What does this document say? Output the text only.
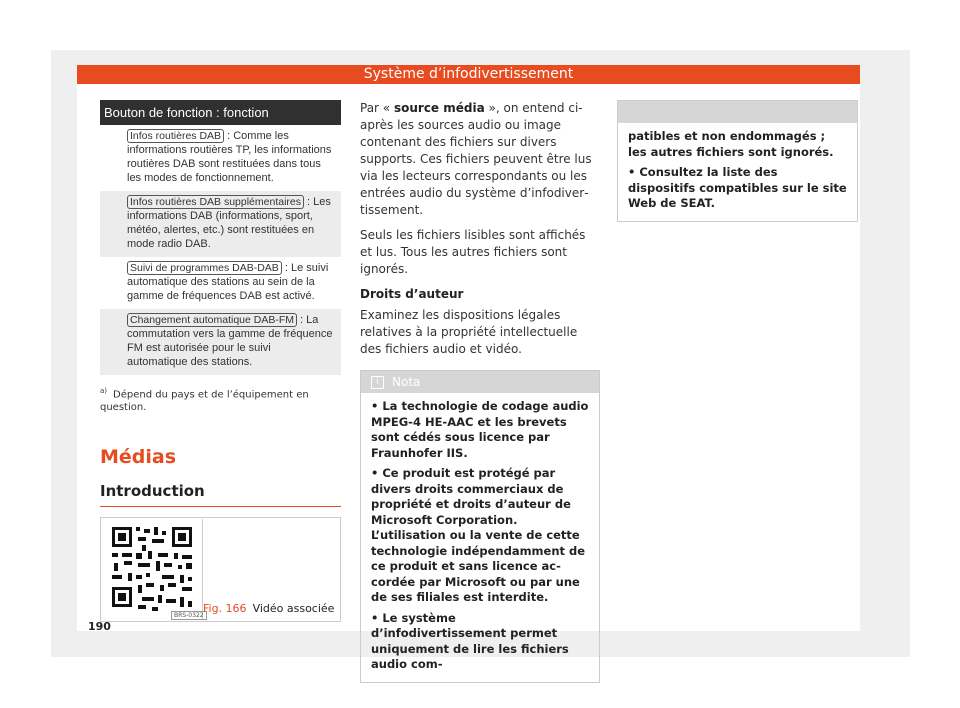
Système d’infodivertissement
Bouton de fonction : fonction
Infos routières DAB : Comme les informations routières TP, les informations routières DAB sont restituées dans tous les modes de fonctionnement.
Infos routières DAB supplémentaires : Les informations DAB (informations, sport, météo, alertes, etc.) sont restituées en mode radio DAB.
Suivi de programmes DAB-DAB : Le suivi automatique des stations au sein de la gamme de fréquences DAB est activé.
Changement automatique DAB-FM : La commutation vers la gamme de fréquence FM est autorisée pour le suivi automatique des stations.
$^{a)}$ Dépend du pays et de l’équipement en question.
Médias
Introduction
BRS-0322
Fig. 166 Vidéo associée

Par « source média », on entend ci-après les sources audio ou image contenant des fichiers sur divers supports. Ces fichiers peuvent être lus via les lecteurs correspondants ou les entrées audio du système d’infodivertissement.

Seuls les fichiers lisibles sont affichés et lus. Tous les autres fichiers sont ignorés.

Droits d’auteur

Examinez les dispositions légales relatives à la propriété intellectuelle des fichiers audio et vidéo.

i Nota

• La technologie de codage audio MPEG-4 HE-AAC et les brevets sont cédés sous licence par Fraunhofer IIS.

• Ce produit est protégé par divers droits commerciaux de propriété et droits d’auteur de Microsoft Corporation. L’utilisation ou la vente de cette technologie indépendamment de ce produit et sans licence accordée par Microsoft ou par une de ses filiales est interdite.

• Le système d’infodivertissement permet uniquement de lire les fichiers audio com-

patibles et non endommagés ; les autres fichiers sont ignorés.

• Consultez la liste des dispositifs compatibles sur le site Web de SEAT.

190
